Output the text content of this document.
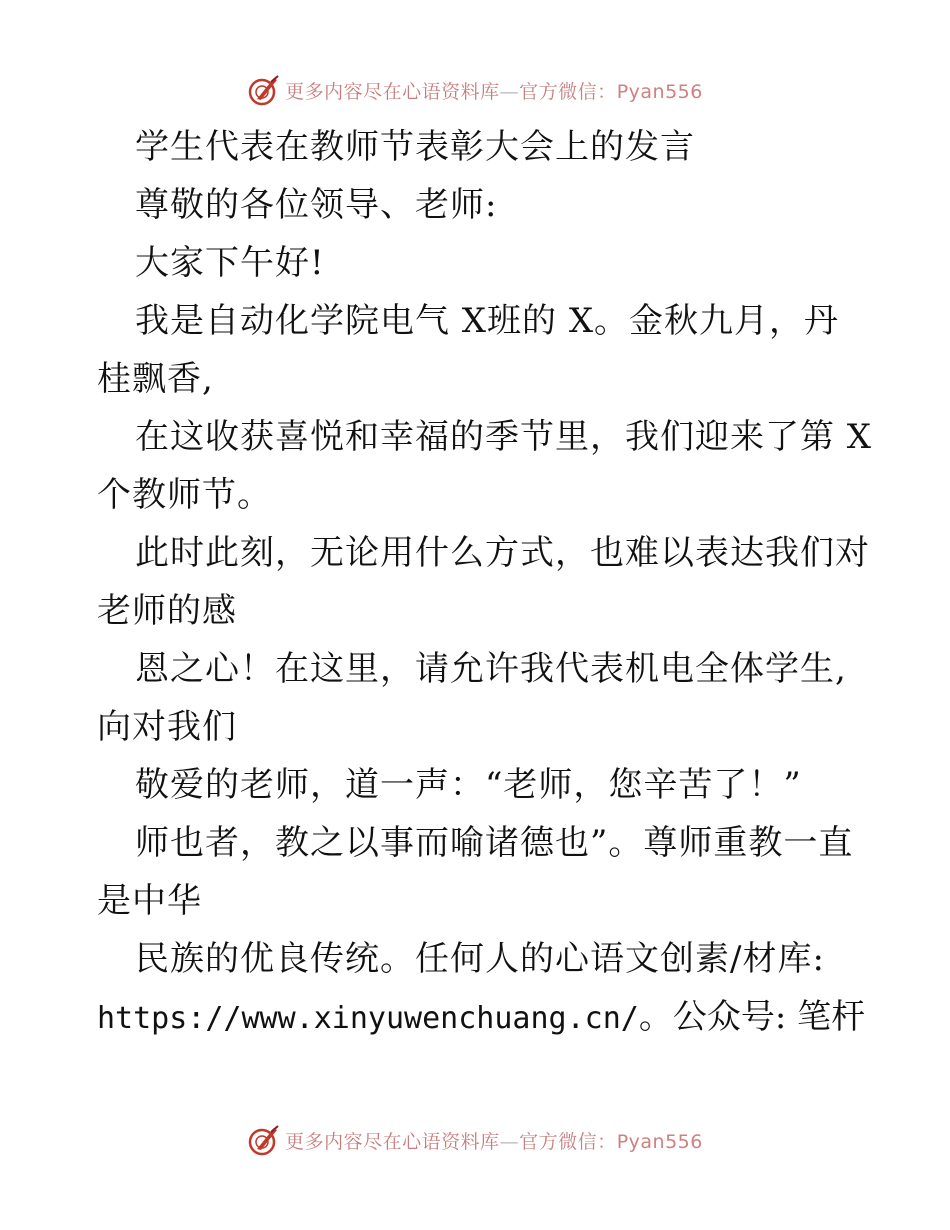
更多内容尽在心语资料库—官方微信：Pyan556
学生代表在教师节表彰大会上的发言
尊敬的各位领导、老师:
大家下午好!
我是自动化学院电气 X班的 X。金秋九月，丹
桂飘香,
在这收获喜悦和幸福的季节里，我们迎来了第 X
个教师节。
此时此刻，无论用什么方式，也难以表达我们对
老师的感
恩之心！在这里，请允许我代表机电全体学生,
向对我们
敬爱的老师，道一声：“老师，您辛苦了！”
师也者，教之以事而喻诸德也”。尊师重教一直
是中华
民族的优良传统。任何人的心语文创素/材库:
https://www.xinyuwenchuang.cn/。公众号: 笔杆
更多内容尽在心语资料库—官方微信：Pyan556
